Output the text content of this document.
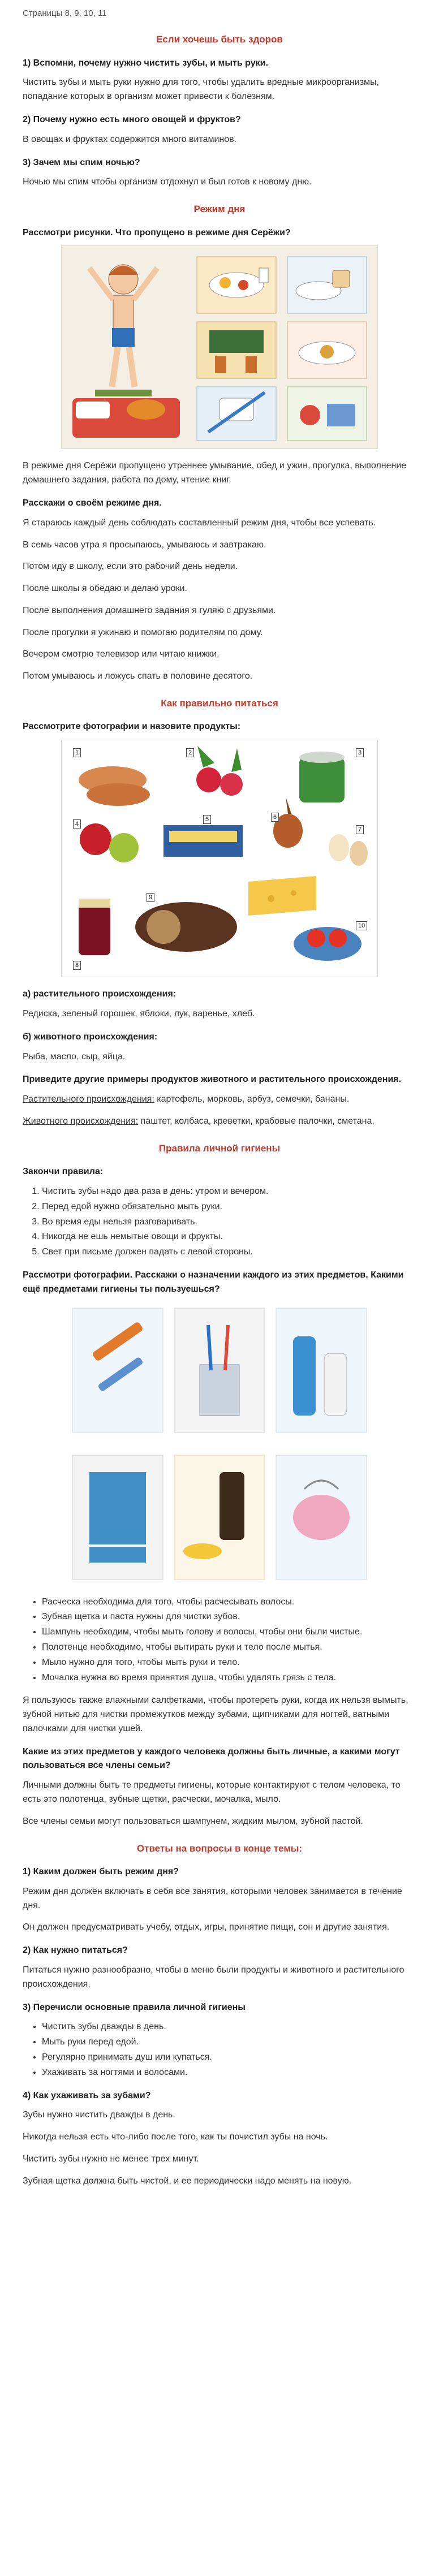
Страницы 8, 9, 10, 11
Если хочешь быть здоров
1) Вспомни, почему нужно чистить зубы, и мыть руки.

Чистить зубы и мыть руки нужно для того, чтобы удалить вредные микроорганизмы, попадание которых в организм может привести к болезням.

2) Почему нужно есть много овощей и фруктов?

В овощах и фруктах содержится много витаминов.

3) Зачем мы спим ночью?

Ночью мы спим чтобы организм отдохнул и был готов к новому дню.

Режим дня
Рассмотри рисунки. Что пропущено в режиме дня Серёжи?

В режиме дня Серёжи пропущено утреннее умывание, обед и ужин, прогулка, выполнение домашнего задания, работа по дому, чтение книг.

Расскажи о своём режиме дня.

Я стараюсь каждый день соблюдать составленный режим дня, чтобы все успевать.

В семь часов утра я просыпаюсь, умываюсь и завтракаю.

Потом иду в школу, если это рабочий день недели.

После школы я обедаю и делаю уроки.

После выполнения домашнего задания я гуляю с друзьями.

После прогулки я ужинаю и помогаю родителям по дому.

Вечером смотрю телевизор или читаю книжки.

Потом умываюсь и ложусь спать в половине десятого.

Как правильно питаться
Рассмотрите фотографии и назовите продукты:
1	2	3
4
5	6
7
8
9
10
а) растительного происхождения:

Редиска, зеленый горошек, яблоки, лук, варенье, хлеб.

б) животного происхождения:

Рыба, масло, сыр, яйца.

Приведите другие примеры продуктов животного и растительного происхождения.

Растительного происхождения: картофель, морковь, арбуз, семечки, бананы.

Животного происхождения: паштет, колбаса, креветки, крабовые палочки, сметана.

Правила личной гигиены
Закончи правила:
1. Чистить зубы надо два раза в день: утром и вечером.
2. Перед едой нужно обязательно мыть руки.
3. Во время еды нельзя разговаривать.
4. Никогда не ешь немытые овощи и фрукты.
5. Свет при письме должен падать с левой стороны.
Рассмотри фотографии. Расскажи о назначении каждого из этих предметов. Какими ещё предметами гигиены ты пользуешься?
• Расческа необходима для того, чтобы расчесывать волосы.
• Зубная щетка и паста нужны для чистки зубов.
• Шампунь необходим, чтобы мыть голову и волосы, чтобы они были чистые.
• Полотенце необходимо, чтобы вытирать руки и тело после мытья.
• Мыло нужно для того, чтобы мыть руки и тело.
• Мочалка нужна во время принятия душа, чтобы удалять грязь с тела.

Я пользуюсь также влажными салфетками, чтобы протереть руки, когда их нельзя вымыть, зубной нитью для чистки промежутков между зубами, щипчиками для ногтей, ватными палочками для чистки ушей.

Какие из этих предметов у каждого человека должны быть личные, а какими могут пользоваться все члены семьи?

Личными должны быть те предметы гигиены, которые контактируют с телом человека, то есть это полотенца, зубные щетки, расчески, мочалка, мыло.

Все члены семьи могут пользоваться шампунем, жидким мылом, зубной пастой.

Ответы на вопросы в конце темы:
1) Каким должен быть режим дня?

Режим дня должен включать в себя все занятия, которыми человек занимается в течение дня.

Он должен предусматривать учебу, отдых, игры, принятие пищи, сон и другие занятия.

2) Как нужно питаться?

Питаться нужно разнообразно, чтобы в меню были продукты и животного и растительного происхождения.

3) Перечисли основные правила личной гигиены
• Чистить зубы дважды в день.
• Мыть руки перед едой.
• Регулярно принимать душ или купаться.
• Ухаживать за ногтями и волосами.
4) Как ухаживать за зубами?

Зубы нужно чистить дважды в день.

Никогда нельзя есть что-либо после того, как ты почистил зубы на ночь.

Чистить зубы нужно не менее трех минут.

Зубная щетка должна быть чистой, и ее периодически надо менять на новую.
